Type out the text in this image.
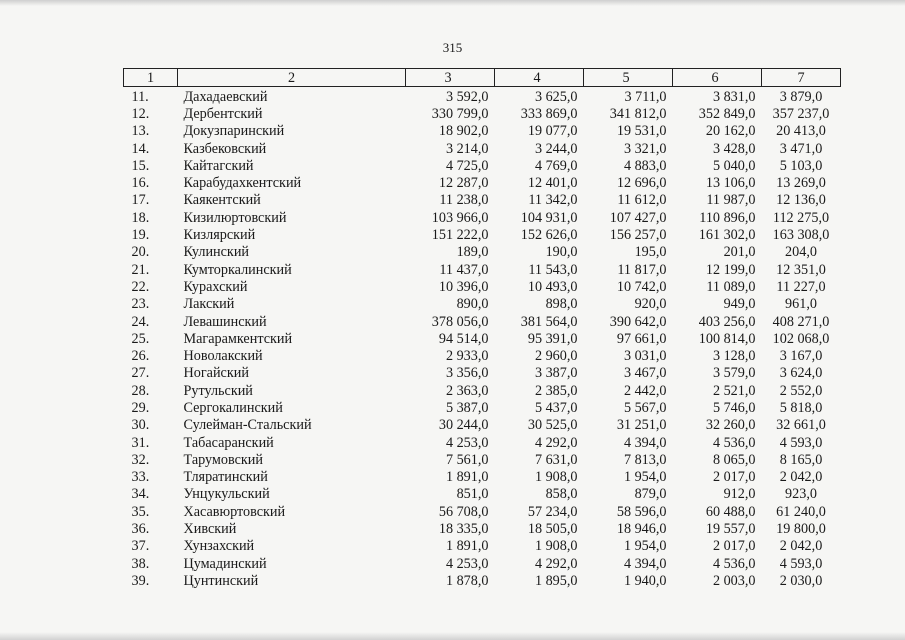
315
1	2	3	4	5	6	7
11.	Дахадаевский	3 592,0	3 625,0	3 711,0	3 831,0	3 879,0
12.	Дербентский	330 799,0	333 869,0	341 812,0	352 849,0	357 237,0
13.	Докузпаринский	18 902,0	19 077,0	19 531,0	20 162,0	20 413,0
14.	Казбековский	3 214,0	3 244,0	3 321,0	3 428,0	3 471,0
15.	Кайтагский	4 725,0	4 769,0	4 883,0	5 040,0	5 103,0
16.	Карабудахкентский	12 287,0	12 401,0	12 696,0	13 106,0	13 269,0
17.	Каякентский	11 238,0	11 342,0	11 612,0	11 987,0	12 136,0
18.	Кизилюртовский	103 966,0	104 931,0	107 427,0	110 896,0	112 275,0
19.	Кизлярский	151 222,0	152 626,0	156 257,0	161 302,0	163 308,0
20.	Кулинский	189,0	190,0	195,0	201,0	204,0
21.	Кумторкалинский	11 437,0	11 543,0	11 817,0	12 199,0	12 351,0
22.	Курахский	10 396,0	10 493,0	10 742,0	11 089,0	11 227,0
23.	Лакский	890,0	898,0	920,0	949,0	961,0
24.	Левашинский	378 056,0	381 564,0	390 642,0	403 256,0	408 271,0
25.	Магарамкентский	94 514,0	95 391,0	97 661,0	100 814,0	102 068,0
26.	Новолакский	2 933,0	2 960,0	3 031,0	3 128,0	3 167,0
27.	Ногайский	3 356,0	3 387,0	3 467,0	3 579,0	3 624,0
28.	Рутульский	2 363,0	2 385,0	2 442,0	2 521,0	2 552,0
29.	Сергокалинский	5 387,0	5 437,0	5 567,0	5 746,0	5 818,0
30.	Сулейман-Стальский	30 244,0	30 525,0	31 251,0	32 260,0	32 661,0
31.	Табасаранский	4 253,0	4 292,0	4 394,0	4 536,0	4 593,0
32.	Тарумовский	7 561,0	7 631,0	7 813,0	8 065,0	8 165,0
33.	Тляратинский	1 891,0	1 908,0	1 954,0	2 017,0	2 042,0
34.	Унцукульский	851,0	858,0	879,0	912,0	923,0
35.	Хасавюртовский	56 708,0	57 234,0	58 596,0	60 488,0	61 240,0
36.	Хивский	18 335,0	18 505,0	18 946,0	19 557,0	19 800,0
37.	Хунзахский	1 891,0	1 908,0	1 954,0	2 017,0	2 042,0
38.	Цумадинский	4 253,0	4 292,0	4 394,0	4 536,0	4 593,0
39.	Цунтинский	1 878,0	1 895,0	1 940,0	2 003,0	2 030,0
